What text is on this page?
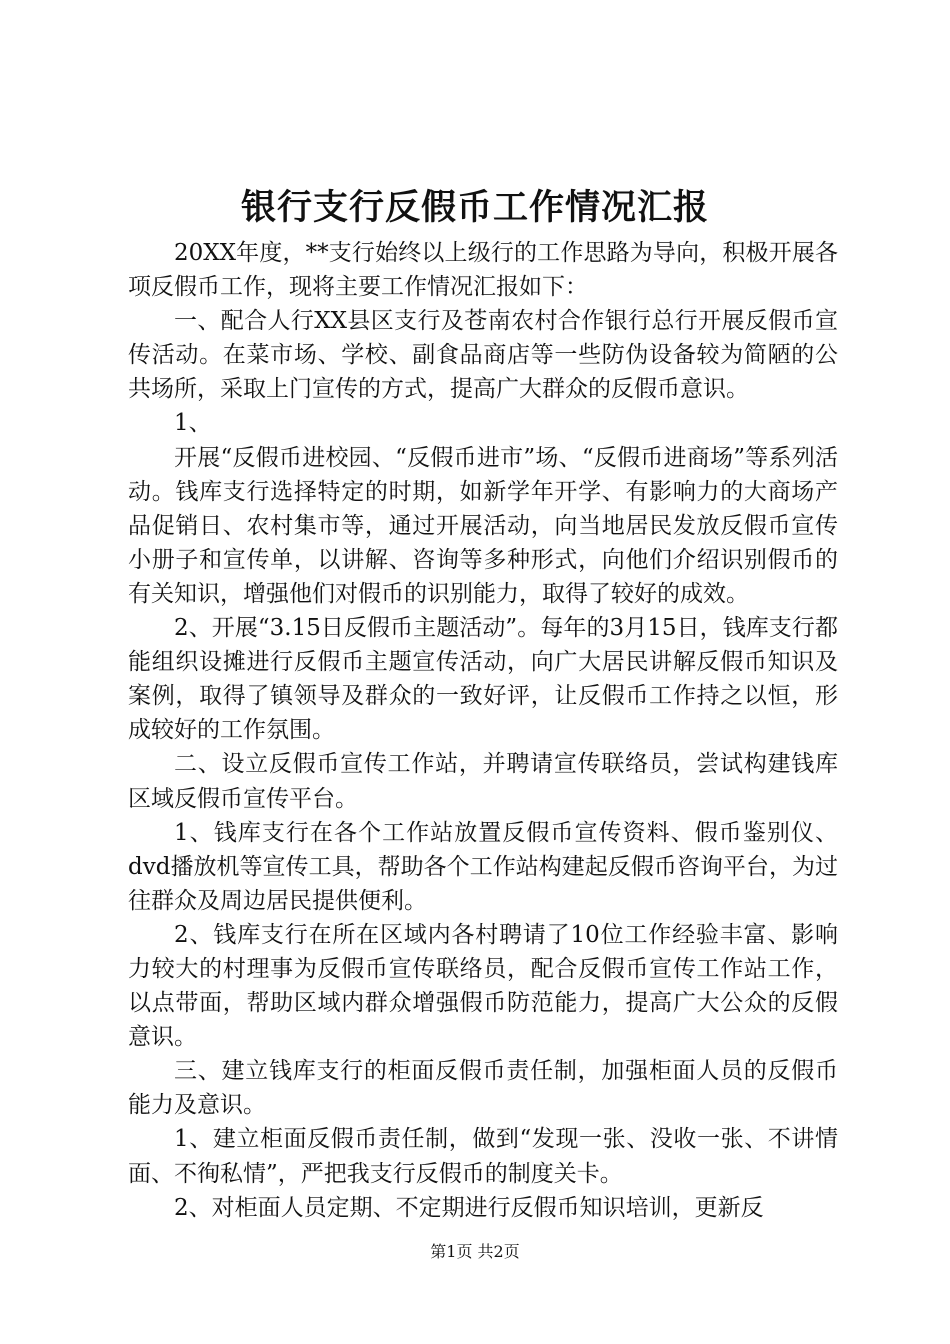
银行支行反假币工作情况汇报

20XX年度，**支行始终以上级行的工作思路为导向，积极开展各项反假币工作，现将主要工作情况汇报如下：

一、配合人行XX县区支行及苍南农村合作银行总行开展反假币宣传活动。在菜市场、学校、副食品商店等一些防伪设备较为简陋的公共场所，采取上门宣传的方式，提高广大群众的反假币意识。

1、

开展“反假币进校园、“反假币进市”场、“反假币进商场”等系列活动。钱库支行选择特定的时期，如新学年开学、有影响力的大商场产品促销日、农村集市等，通过开展活动，向当地居民发放反假币宣传小册子和宣传单，以讲解、咨询等多种形式，向他们介绍识别假币的有关知识，增强他们对假币的识别能力，取得了较好的成效。

2、开展“3.15日反假币主题活动”。每年的3月15日，钱库支行都能组织设摊进行反假币主题宣传活动，向广大居民讲解反假币知识及案例，取得了镇领导及群众的一致好评，让反假币工作持之以恒，形成较好的工作氛围。

二、设立反假币宣传工作站，并聘请宣传联络员，尝试构建钱库区域反假币宣传平台。

1、钱库支行在各个工作站放置反假币宣传资料、假币鉴别仪、dvd播放机等宣传工具，帮助各个工作站构建起反假币咨询平台，为过往群众及周边居民提供便利。

2、钱库支行在所在区域内各村聘请了10位工作经验丰富、影响力较大的村理事为反假币宣传联络员，配合反假币宣传工作站工作，以点带面，帮助区域内群众增强假币防范能力，提高广大公众的反假意识。

三、建立钱库支行的柜面反假币责任制，加强柜面人员的反假币能力及意识。

1、建立柜面反假币责任制，做到“发现一张、没收一张、不讲情面、不徇私情”，严把我支行反假币的制度关卡。

2、对柜面人员定期、不定期进行反假币知识培训，更新反

第1页 共2页
